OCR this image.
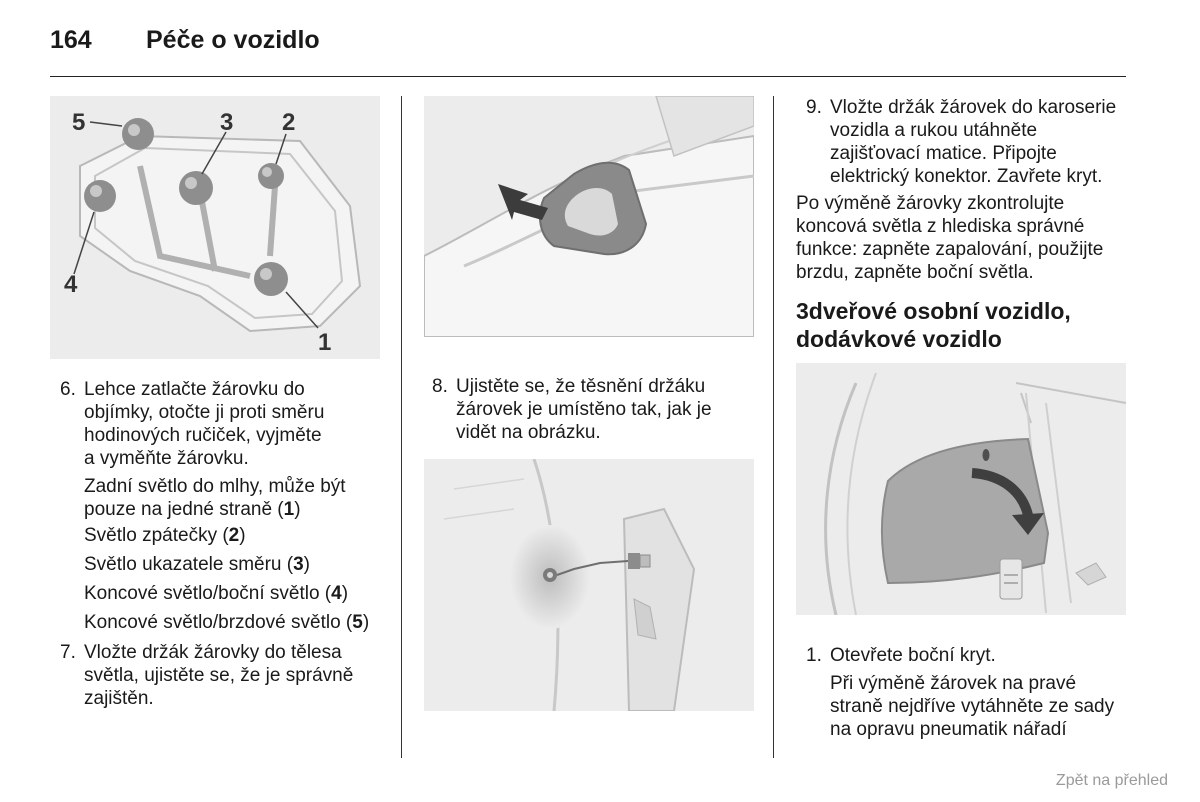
164 Péče o vozidlo
5	3 2
4
1
6. Lehce zatlačte žárovku do
objímky, otočte ji proti směru
hodinových ručiček, vyjměte
a vyměňte žárovku.
Zadní světlo do mlhy, může být
pouze na jedné straně (1)
Světlo zpátečky (2)
Světlo ukazatele směru (3)
Koncové světlo/boční světlo (4)
Koncové světlo/brzdové světlo (5)
7. Vložte držák žárovky do tělesa
světla, ujistěte se, že je správně
zajištěn.
8. Ujistěte se, že těsnění držáku
žárovek je umístěno tak, jak je
vidět na obrázku.
9. Vložte držák žárovek do karoserie
vozidla a rukou utáhněte
zajišťovací matice. Připojte
elektrický konektor. Zavřete kryt.
Po výměně žárovky zkontrolujte
koncová světla z hlediska správné
funkce: zapněte zapalování, použijte
brzdu, zapněte boční světla.
3dveřové osobní vozidlo,
dodávkové vozidlo
1. Otevřete boční kryt.
Při výměně žárovek na pravé
straně nejdříve vytáhněte ze sady
na opravu pneumatik nářadí
Zpět na přehled
